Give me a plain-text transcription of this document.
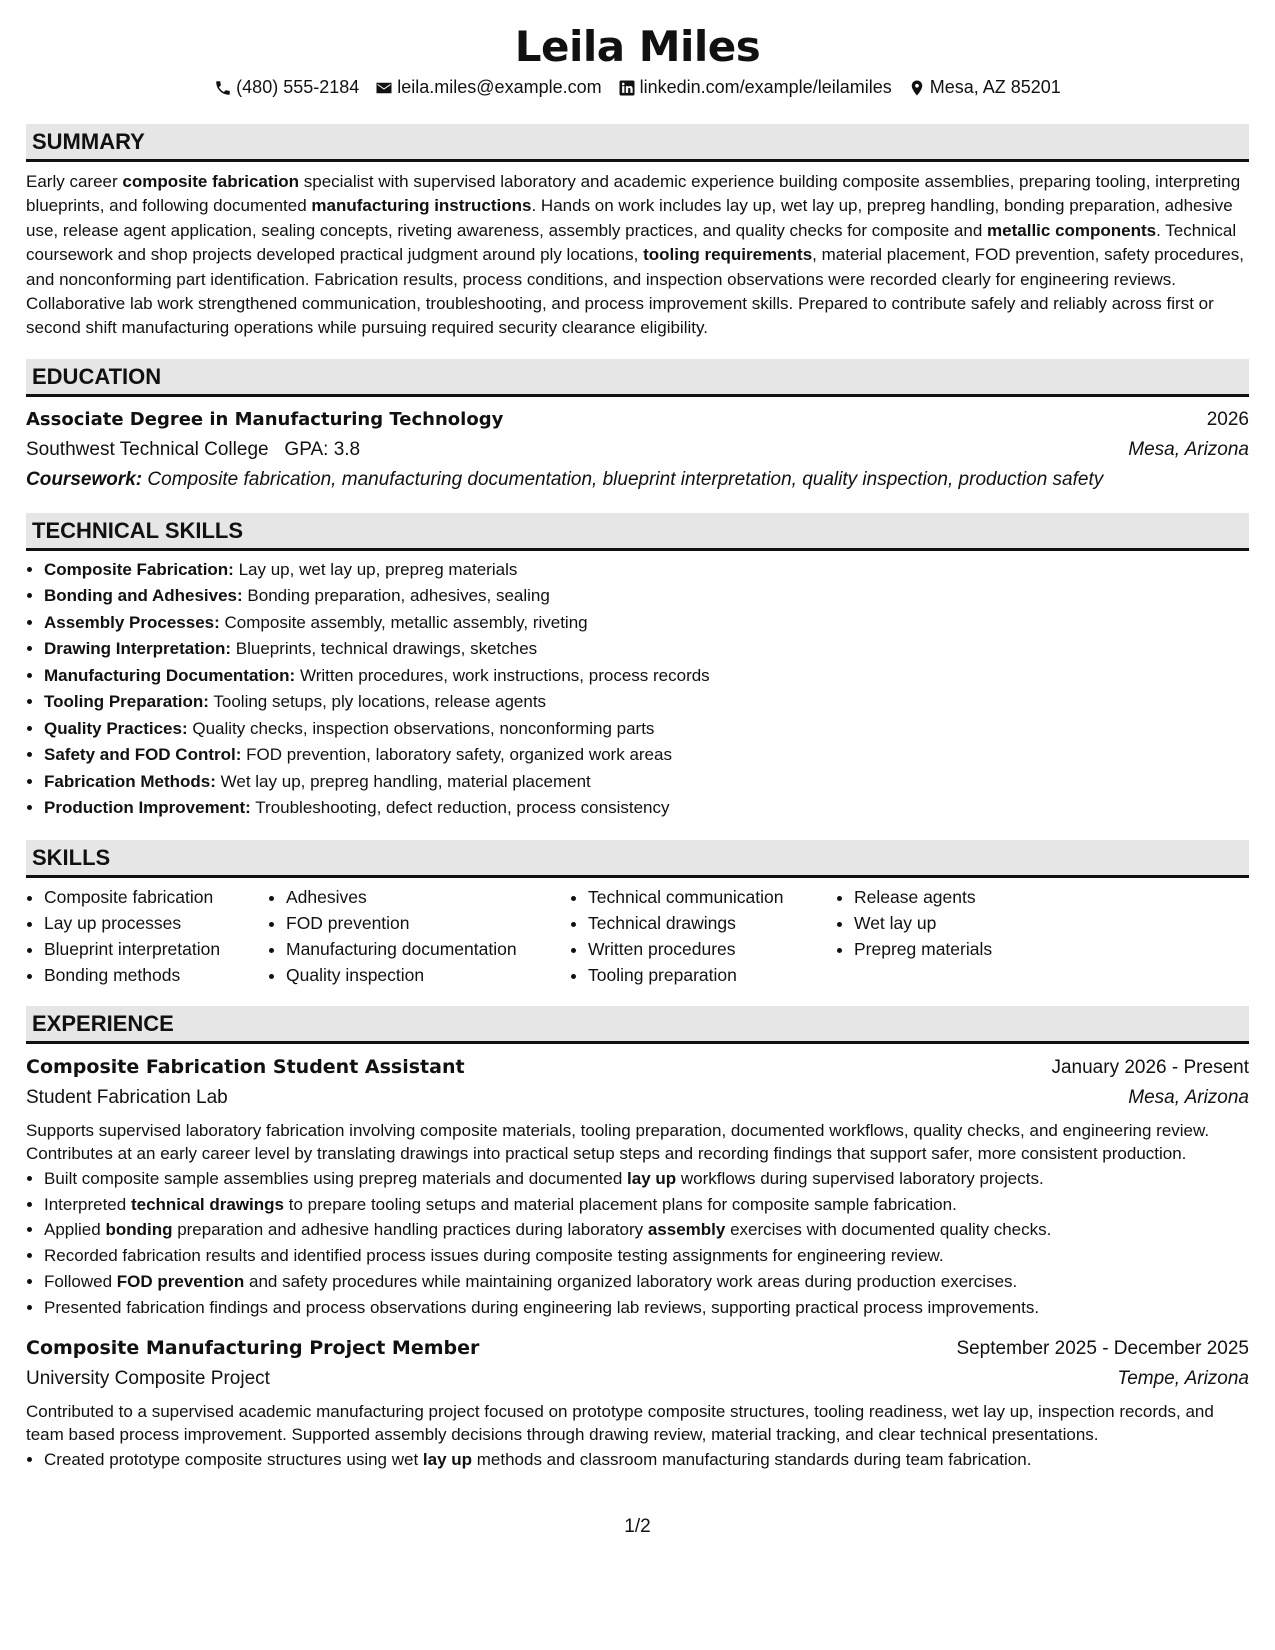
Leila Miles
(480) 555-2184 leila.miles@example.com linkedin.com/example/leilamiles Mesa, AZ 85201
SUMMARY
Early career composite fabrication specialist with supervised laboratory and academic experience building composite assemblies, preparing tooling, interpreting blueprints, and following documented manufacturing instructions. Hands on work includes lay up, wet lay up, prepreg handling, bonding preparation, adhesive use, release agent application, sealing concepts, riveting awareness, assembly practices, and quality checks for composite and metallic components. Technical coursework and shop projects developed practical judgment around ply locations, tooling requirements, material placement, FOD prevention, safety procedures, and nonconforming part identification. Fabrication results, process conditions, and inspection observations were recorded clearly for engineering reviews. Collaborative lab work strengthened communication, troubleshooting, and process improvement skills. Prepared to contribute safely and reliably across first or second shift manufacturing operations while pursuing required security clearance eligibility.
EDUCATION
Associate Degree in Manufacturing Technology	2026
Southwest Technical College GPA: 3.8	Mesa, Arizona
Coursework: Composite fabrication, manufacturing documentation, blueprint interpretation, quality inspection, production safety
TECHNICAL SKILLS
• Composite Fabrication: Lay up, wet lay up, prepreg materials
• Bonding and Adhesives: Bonding preparation, adhesives, sealing
• Assembly Processes: Composite assembly, metallic assembly, riveting
• Drawing Interpretation: Blueprints, technical drawings, sketches
• Manufacturing Documentation: Written procedures, work instructions, process records
• Tooling Preparation: Tooling setups, ply locations, release agents
• Quality Practices: Quality checks, inspection observations, nonconforming parts
• Safety and FOD Control: FOD prevention, laboratory safety, organized work areas
• Fabrication Methods: Wet lay up, prepreg handling, material placement
• Production Improvement: Troubleshooting, defect reduction, process consistency
SKILLS
• Composite fabrication
• Lay up processes
• Blueprint interpretation
• Bonding methods
• Adhesives
• FOD prevention
• Manufacturing documentation
• Quality inspection
• Technical communication
• Technical drawings
• Written procedures
• Tooling preparation
• Release agents
• Wet lay up
• Prepreg materials
EXPERIENCE
Composite Fabrication Student Assistant	January 2026 - Present
Student Fabrication Lab	Mesa, Arizona
Supports supervised laboratory fabrication involving composite materials, tooling preparation, documented workflows, quality checks, and engineering review. Contributes at an early career level by translating drawings into practical setup steps and recording findings that support safer, more consistent production.
• Built composite sample assemblies using prepreg materials and documented lay up workflows during supervised laboratory projects.
• Interpreted technical drawings to prepare tooling setups and material placement plans for composite sample fabrication.
• Applied bonding preparation and adhesive handling practices during laboratory assembly exercises with documented quality checks.
• Recorded fabrication results and identified process issues during composite testing assignments for engineering review.
• Followed FOD prevention and safety procedures while maintaining organized laboratory work areas during production exercises.
• Presented fabrication findings and process observations during engineering lab reviews, supporting practical process improvements.
Composite Manufacturing Project Member	September 2025 - December 2025
University Composite Project	Tempe, Arizona
Contributed to a supervised academic manufacturing project focused on prototype composite structures, tooling readiness, wet lay up, inspection records, and team based process improvement. Supported assembly decisions through drawing review, material tracking, and clear technical presentations.
• Created prototype composite structures using wet lay up methods and classroom manufacturing standards during team fabrication.
1/2
